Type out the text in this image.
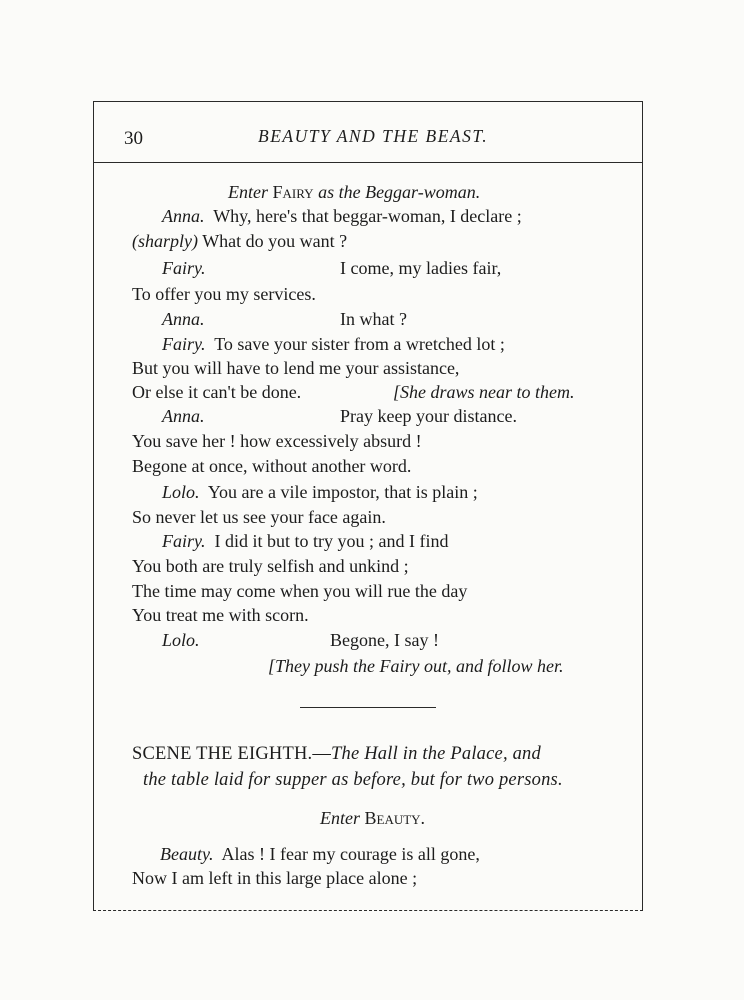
30	BEAUTY AND THE BEAST.
Enter Fairy as the Beggar-woman.
Anna. Why, here's that beggar-woman, I declare ;
(sharply) What do you want ?
Fairy.	I come, my ladies fair,
To offer you my services.
Anna.	In what ?
Fairy. To save your sister from a wretched lot ;
But you will have to lend me your assistance,
Or else it can't be done.	[She draws near to them.
Anna.	Pray keep your distance.
You save her ! how excessively absurd !
Begone at once, without another word.
Lolo. You are a vile impostor, that is plain ;
So never let us see your face again.
Fairy. I did it but to try you ; and I find
You both are truly selfish and unkind ;
The time may come when you will rue the day
You treat me with scorn.
Lolo.	Begone, I say !
[They push the Fairy out, and follow her.
SCENE THE EIGHTH.—The Hall in the Palace, and
the table laid for supper as before, but for two persons.
Enter Beauty.
Beauty. Alas ! I fear my courage is all gone,
Now I am left in this large place alone ;
